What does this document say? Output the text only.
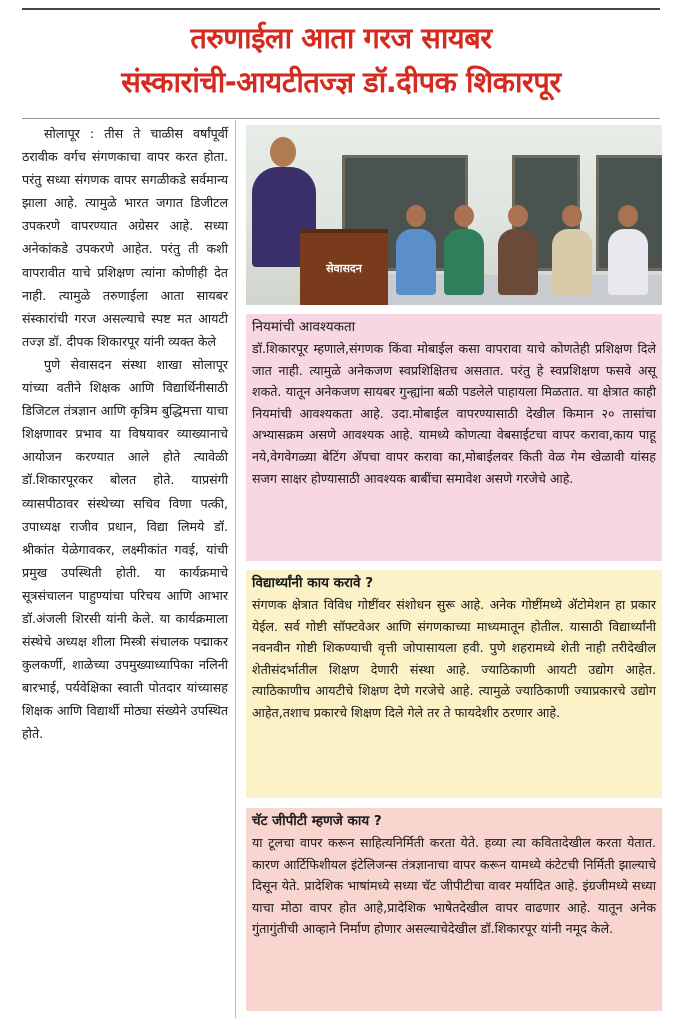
तरुणाईला आता गरज सायबर
संस्कारांची-आयटीतज्ज्ञ डॉ.दीपक शिकारपूर

सोलापूर : तीस ते चाळीस वर्षांपूर्वी ठरावीक वर्गच संगणकाचा वापर करत होता. परंतु सध्या संगणक वापर सगळीकडे सर्वमान्य झाला आहे. त्यामुळे भारत जगात डिजीटल उपकरणे वापरण्यात अग्रेसर आहे. सध्या अनेकांकडे उपकरणे आहेत. परंतु ती कशी वापरावीत याचे प्रशिक्षण त्यांना कोणीही देत नाही. त्यामुळे तरुणाईला आता सायबर संस्कारांची गरज असल्याचे स्पष्ट मत आयटी तज्ज्ञ डॉ. दीपक शिकारपूर यांनी व्यक्त केले

पुणे सेवासदन संस्था शाखा सोलापूर यांच्या वतीने शिक्षक आणि विद्यार्थिनीसाठी डिजिटल तंत्रज्ञान आणि कृत्रिम बुद्धिमत्ता याचा शिक्षणावर प्रभाव या विषयावर व्याख्यानाचे आयोजन करण्यात आले होते त्यावेळी डॉ.शिकारपूरकर बोलत होते. याप्रसंगी व्यासपीठावर संस्थेच्या सचिव विणा पत्की, उपाध्यक्ष राजीव प्रधान, विद्या लिमये डॉ. श्रीकांत येळेगावकर, लक्ष्मीकांत गवई, यांची प्रमुख उपस्थिती होती. या कार्यक्रमाचे सूत्रसंचालन पाहुण्यांचा परिचय आणि आभार डॉ.अंजली शिरसी यांनी केले. या कार्यक्रमाला संस्थेचे अध्यक्ष शीला मिस्त्री संचालक पद्माकर कुलकर्णी, शाळेच्या उपमुख्याध्यापिका नलिनी बारभाई, पर्यवेक्षिका स्वाती पोतदार यांच्यासह शिक्षक आणि विद्यार्थी मोठ्या संख्येने उपस्थित होते.

सेवासदन
नियमांची आवश्यकता

डॉ.शिकारपूर म्हणाले,संगणक किंवा मोबाईल कसा वापरावा याचे कोणतेही प्रशिक्षण दिले जात नाही. त्यामुळे अनेकजण स्वप्रशिक्षितच असतात. परंतु हे स्वप्रशिक्षण फसवे असू शकते. यातून अनेकजण सायबर गुन्ह्यांना बळी पडलेले पाहायला मिळतात. या क्षेत्रात काही नियमांची आवश्यकता आहे. उदा.मोबाईल वापरण्यासाठी देखील किमान २० तासांचा अभ्यासक्रम असणे आवश्यक आहे. यामध्ये कोणत्या वेबसाईटचा वापर करावा,काय पाहू नये,वेगवेगळ्या बेटिंग ॲपचा वापर करावा का,मोबाईलवर किती वेळ गेम खेळावी यांसह सजग साक्षर होण्यासाठी आवश्यक बाबींचा समावेश असणे गरजेचे आहे.

विद्यार्थ्यांनी काय करावे ?

संगणक क्षेत्रात विविध गोष्टींवर संशोधन सुरू आहे. अनेक गोष्टींमध्ये ॲटोमेशन हा प्रकार येईल. सर्व गोष्टी सॉफ्टवेअर आणि संगणकाच्या माध्यमातून होतील. यासाठी विद्यार्थ्यांनी नवनवीन गोष्टी शिकण्याची वृत्ती जोपासायला हवी. पुणे शहरामध्ये शेती नाही तरीदेखील शेतीसंदर्भातील शिक्षण देणारी संस्था आहे. ज्याठिकाणी आयटी उद्योग आहेत. त्याठिकाणीच आयटीचे शिक्षण देणे गरजेचे आहे. त्यामुळे ज्याठिकाणी ज्याप्रकारचे उद्योग आहेत,तशाच प्रकारचे शिक्षण दिले गेले तर ते फायदेशीर ठरणार आहे.

चॅट जीपीटी म्हणजे काय ?

या टूलचा वापर करून साहित्यनिर्मिती करता येते. हव्या त्या कवितादेखील करता येतात. कारण आर्टिफिशीयल इंटेलिजन्स तंत्रज्ञानाचा वापर करून यामध्ये कंटेटची निर्मिती झाल्याचे दिसून येते. प्रादेशिक भाषांमध्ये सध्या चॅट जीपीटीचा वावर मर्यादित आहे. इंग्रजीमध्ये सध्या याचा मोठा वापर होत आहे,प्रादेशिक भाषेतदेखील वापर वाढणार आहे. यातून अनेक गुंतागुंतीची आव्हाने निर्माण होणार असल्याचेदेखील डॉ.शिकारपूर यांनी नमूद केले.
